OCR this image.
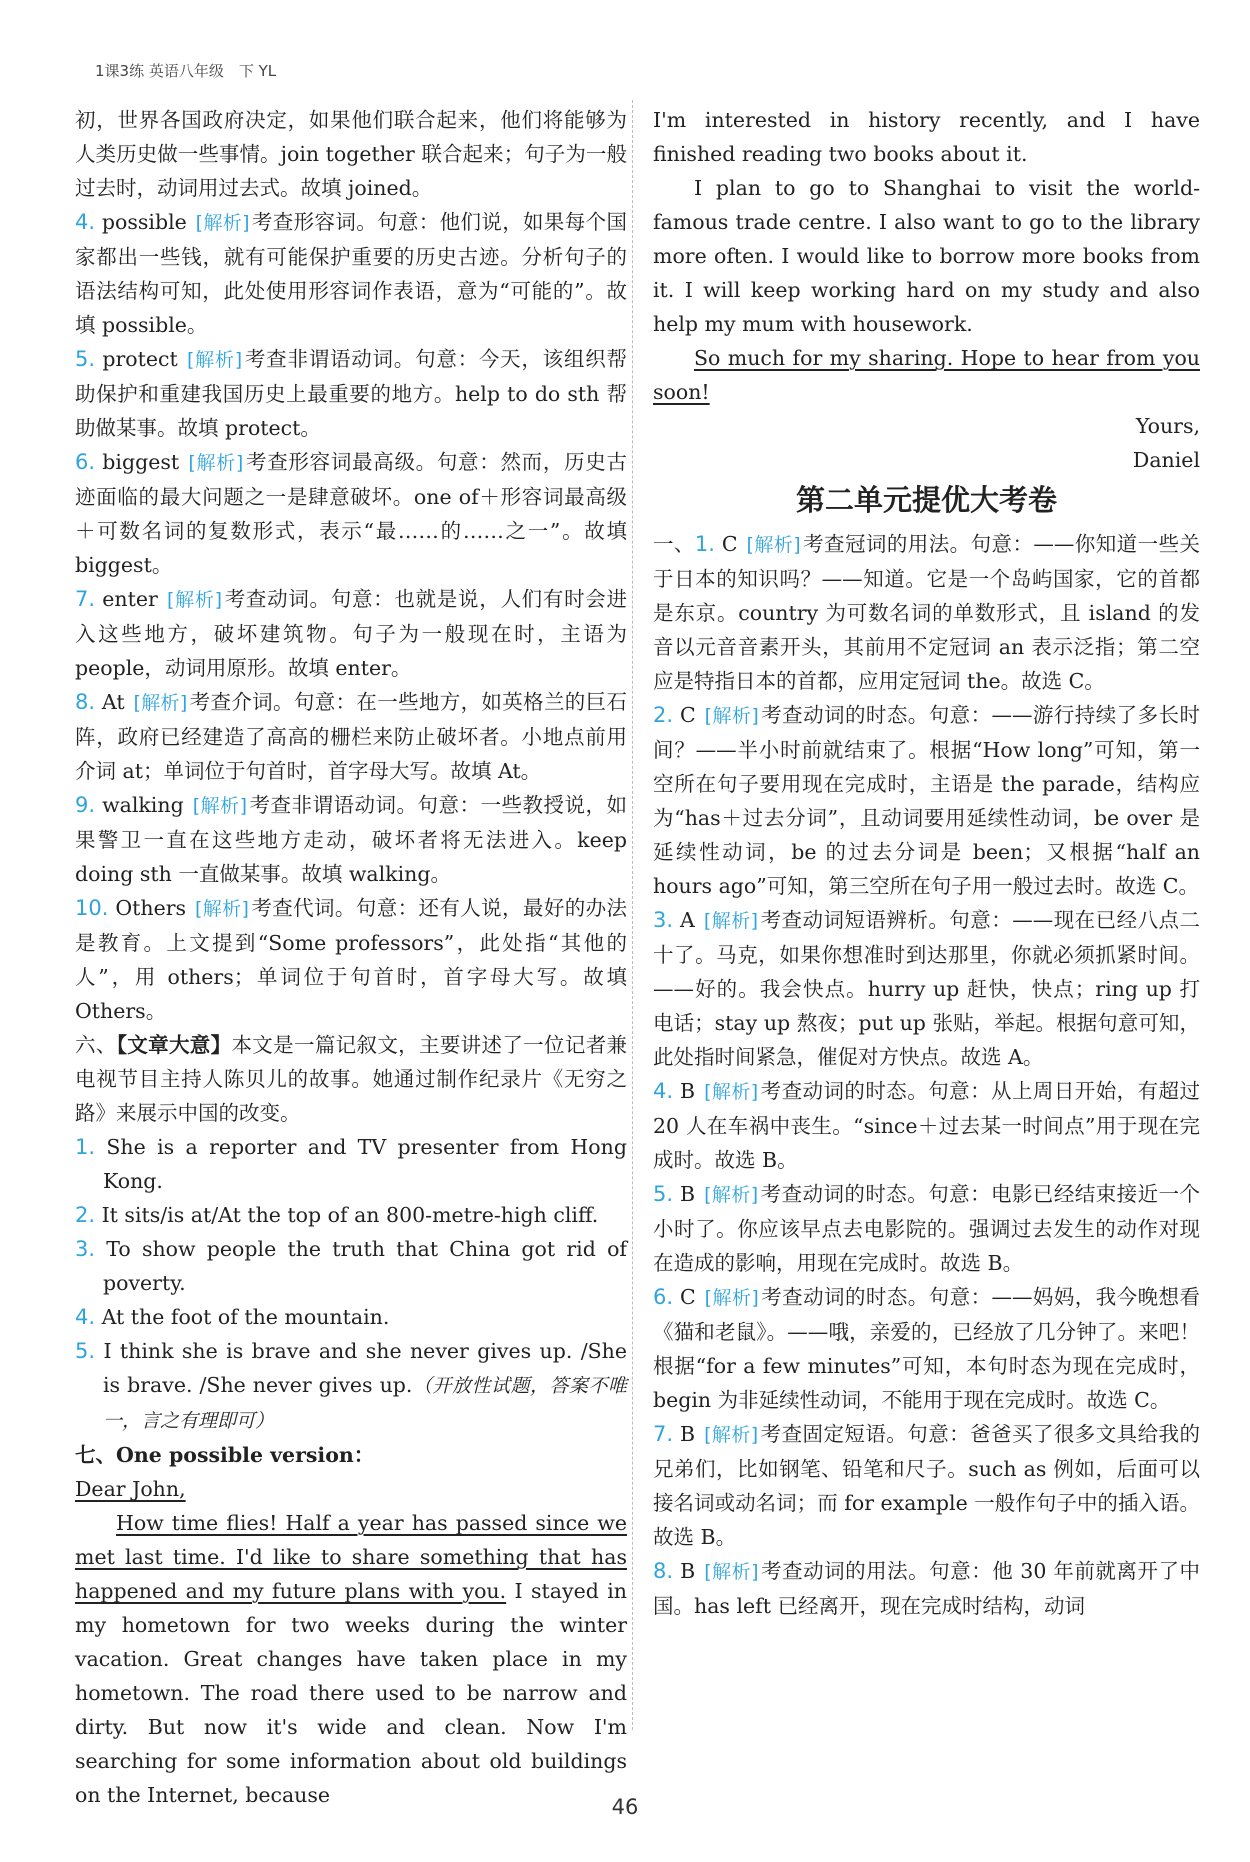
1课3练 英语八年级　下 YL

初，世界各国政府决定，如果他们联合起来，他们将能够为人类历史做一些事情。join together 联合起来；句子为一般过去时，动词用过去式。故填 joined。

4. possible [解析]考查形容词。句意：他们说，如果每个国家都出一些钱，就有可能保护重要的历史古迹。分析句子的语法结构可知，此处使用形容词作表语，意为“可能的”。故填 possible。

5. protect [解析]考查非谓语动词。句意：今天，该组织帮助保护和重建我国历史上最重要的地方。help to do sth 帮助做某事。故填 protect。

6. biggest [解析]考查形容词最高级。句意：然而，历史古迹面临的最大问题之一是肆意破坏。one of＋形容词最高级＋可数名词的复数形式，表示“最……的……之一”。故填 biggest。

7. enter [解析]考查动词。句意：也就是说，人们有时会进入这些地方，破坏建筑物。句子为一般现在时，主语为 people，动词用原形。故填 enter。

8. At [解析]考查介词。句意：在一些地方，如英格兰的巨石阵，政府已经建造了高高的栅栏来防止破坏者。小地点前用介词 at；单词位于句首时，首字母大写。故填 At。

9. walking [解析]考查非谓语动词。句意：一些教授说，如果警卫一直在这些地方走动，破坏者将无法进入。keep doing sth 一直做某事。故填 walking。

10. Others [解析]考查代词。句意：还有人说，最好的办法是教育。上文提到“Some professors”，此处指“其他的人”，用 others；单词位于句首时，首字母大写。故填 Others。

六、【文章大意】本文是一篇记叙文，主要讲述了一位记者兼电视节目主持人陈贝儿的故事。她通过制作纪录片《无穷之路》来展示中国的改变。

1. She is a reporter and TV presenter from Hong Kong.

2. It sits/is at/At the top of an 800-metre-high cliff.

3. To show people the truth that China got rid of poverty.

4. At the foot of the mountain.

5. I think she is brave and she never gives up. /She is brave. /She never gives up.（开放性试题，答案不唯一，言之有理即可）

七、One possible version：

Dear John,

How time flies! Half a year has passed since we met last time. I'd like to share something that has happened and my future plans with you. I stayed in my hometown for two weeks during the winter vacation. Great changes have taken place in my hometown. The road there used to be narrow and dirty. But now it's wide and clean. Now I'm searching for some information about old buildings on the Internet, because

I'm interested in history recently, and I have finished reading two books about it.

I plan to go to Shanghai to visit the world-famous trade centre. I also want to go to the library more often. I would like to borrow more books from it. I will keep working hard on my study and also help my mum with housework.

So much for my sharing. Hope to hear from you soon!

Yours,

Daniel

第二单元提优大考卷

一、1. C [解析]考查冠词的用法。句意：——你知道一些关于日本的知识吗？——知道。它是一个岛屿国家，它的首都是东京。country 为可数名词的单数形式，且 island 的发音以元音音素开头，其前用不定冠词 an 表示泛指；第二空应是特指日本的首都，应用定冠词 the。故选 C。

2. C [解析]考查动词的时态。句意：——游行持续了多长时间？——半小时前就结束了。根据“How long”可知，第一空所在句子要用现在完成时，主语是 the parade，结构应为“has＋过去分词”，且动词要用延续性动词，be over 是延续性动词，be 的过去分词是 been；又根据“half an hours ago”可知，第三空所在句子用一般过去时。故选 C。

3. A [解析]考查动词短语辨析。句意：——现在已经八点二十了。马克，如果你想准时到达那里，你就必须抓紧时间。——好的。我会快点。hurry up 赶快，快点；ring up 打电话；stay up 熬夜；put up 张贴，举起。根据句意可知，此处指时间紧急，催促对方快点。故选 A。

4. B [解析]考查动词的时态。句意：从上周日开始，有超过 20 人在车祸中丧生。“since＋过去某一时间点”用于现在完成时。故选 B。

5. B [解析]考查动词的时态。句意：电影已经结束接近一个小时了。你应该早点去电影院的。强调过去发生的动作对现在造成的影响，用现在完成时。故选 B。

6. C [解析]考查动词的时态。句意：——妈妈，我今晚想看《猫和老鼠》。——哦，亲爱的，已经放了几分钟了。来吧！根据“for a few minutes”可知，本句时态为现在完成时，begin 为非延续性动词，不能用于现在完成时。故选 C。

7. B [解析]考查固定短语。句意：爸爸买了很多文具给我的兄弟们，比如钢笔、铅笔和尺子。such as 例如，后面可以接名词或动名词；而 for example 一般作句子中的插入语。故选 B。

8. B [解析]考查动词的用法。句意：他 30 年前就离开了中国。has left 已经离开，现在完成时结构，动词

46
